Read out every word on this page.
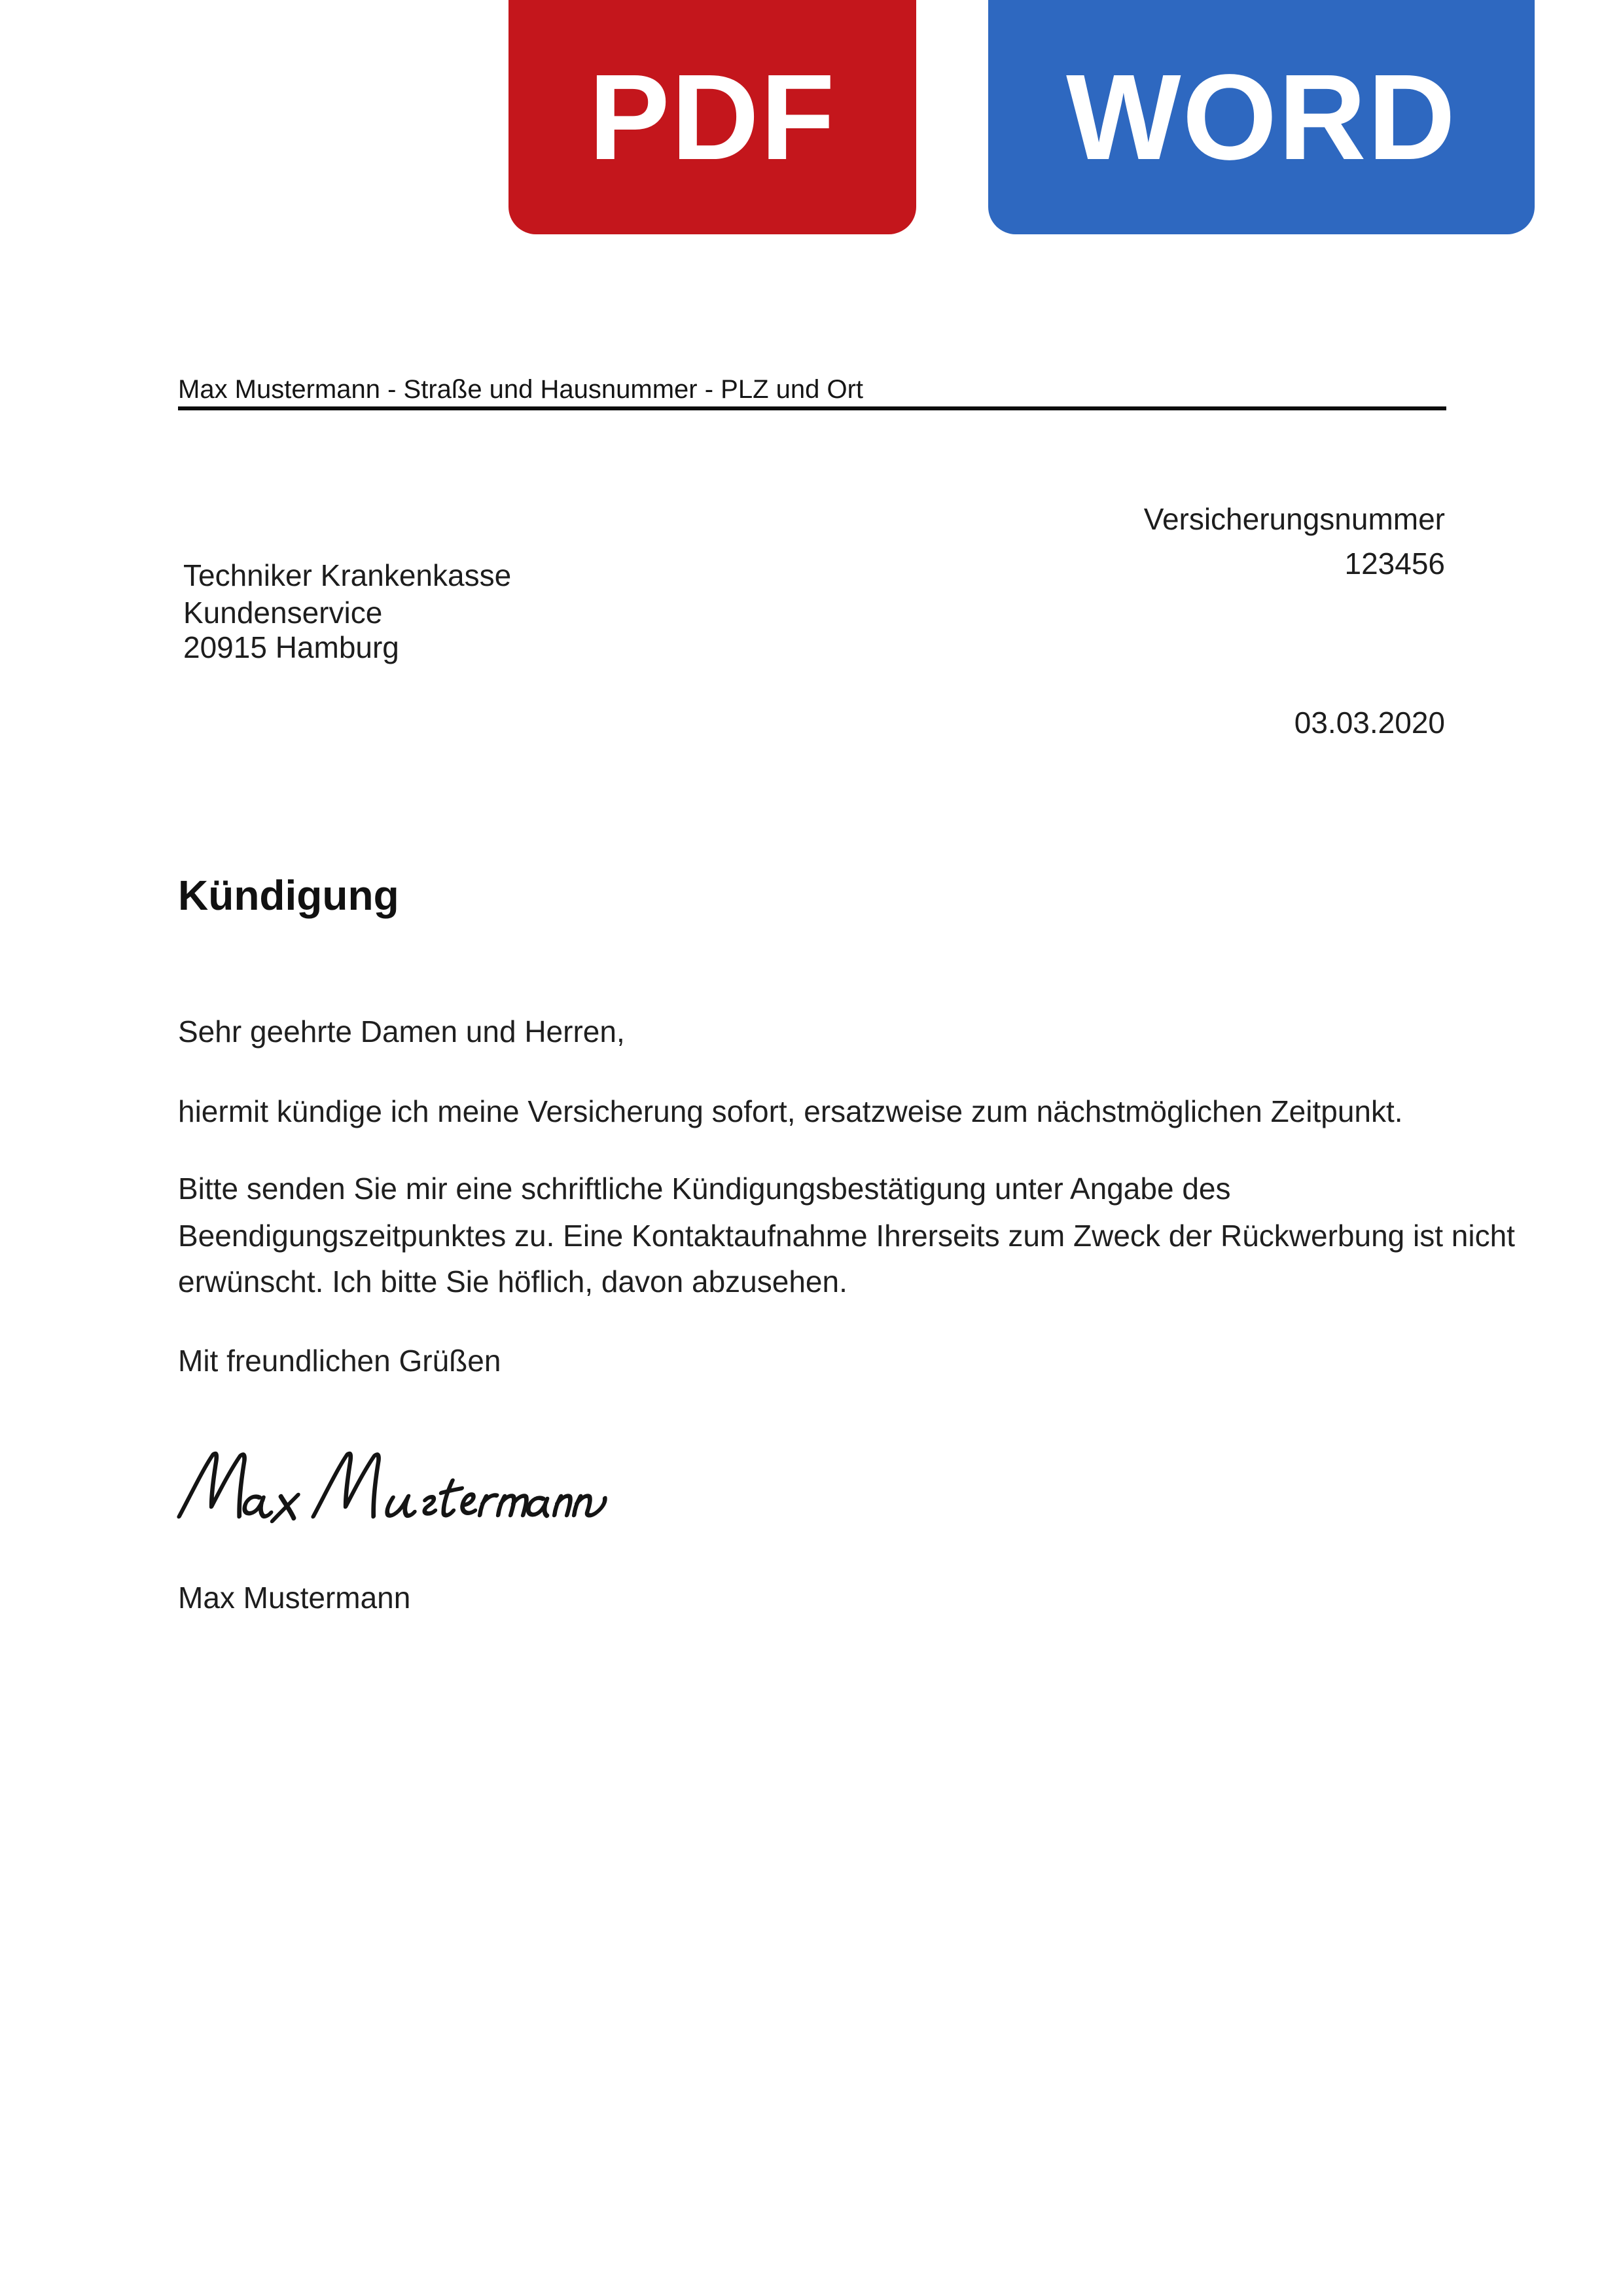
PDF WORD
Max Mustermann - Straße und Hausnummer - PLZ und Ort
Versicherungsnummer
123456
03.03.2020
Techniker Krankenkasse
Kundenservice
20915 Hamburg
Kündigung
Sehr geehrte Damen und Herren,
hiermit kündige ich meine Versicherung sofort, ersatzweise zum nächstmöglichen Zeitpunkt.
Bitte senden Sie mir eine schriftliche Kündigungsbestätigung unter Angabe des
Beendigungszeitpunktes zu. Eine Kontaktaufnahme Ihrerseits zum Zweck der Rückwerbung ist nicht
erwünscht. Ich bitte Sie höflich, davon abzusehen.
Mit freundlichen Grüßen
Max Mustermann
